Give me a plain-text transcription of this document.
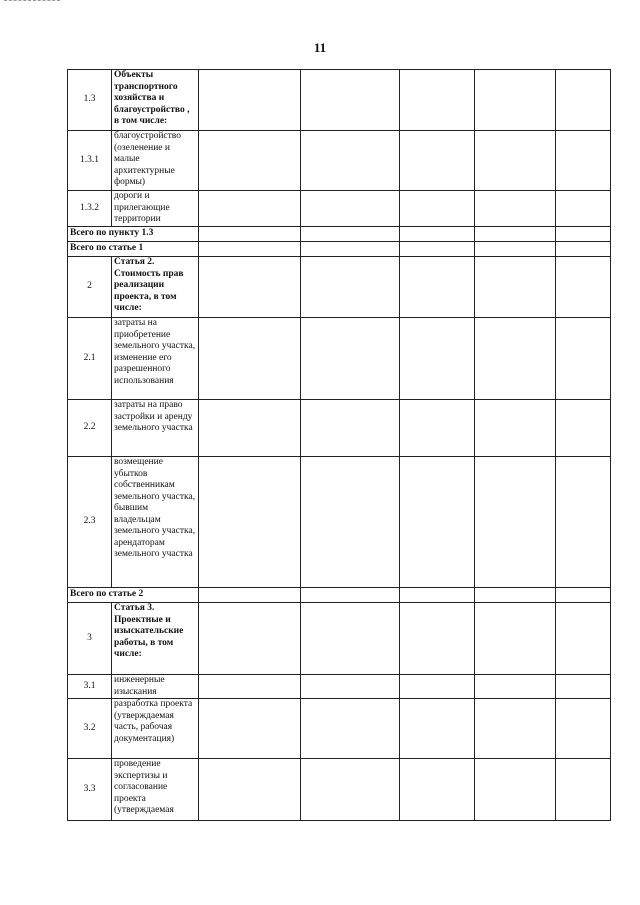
11
1.3	Объекты транспортного хозяйства и благоустройство , в том числе:					
1.3.1	благоустройство (озеленение и малые архитектурные формы)					
1.3.2	дороги и прилегающие территории					
Всего по пункту 1.3						
Всего по статье 1						
2	Статья 2. Стоимость прав реализации проекта, в том числе:					
2.1	затраты на приобретение земельного участка, изменение его разрешенного использования					
2.2	затраты на право застройки и аренду земельного участка					
2.3	возмещение убытков собственникам земельного участка, бывшим владельцам земельного участка, арендаторам земельного участка					
Всего по статье 2						
3	Статья 3. Проектные и изыскательские работы, в том числе:					
3.1	инженерные изыскания					
3.2	разработка проекта (утверждаемая часть, рабочая документация)					
3.3	проведение экспертизы и согласование проекта (утверждаемая					
